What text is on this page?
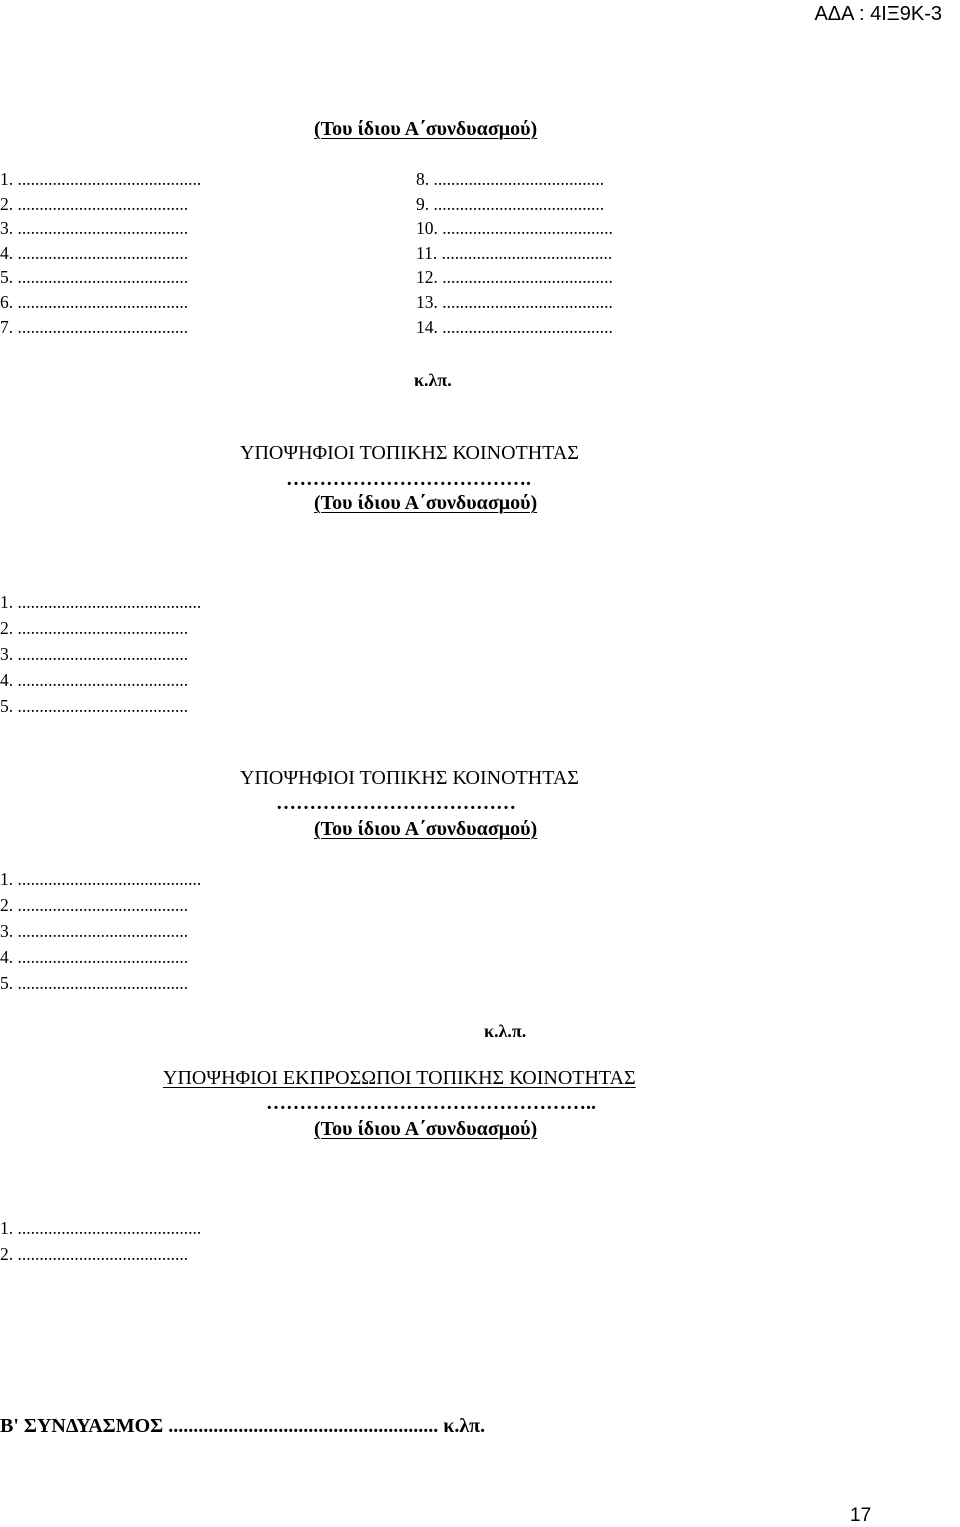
ΑΔΑ : 4ΙΞ9Κ-3
(Του ίδιου Α΄συνδυασμού)
1. ..........................................
2. .......................................
3. .......................................
4. .......................................
5. .......................................
6. .......................................
7. .......................................
8. .......................................
9. .......................................
10. .......................................
11. .......................................
12. .......................................
13. .......................................
14. .......................................
κ.λπ.
ΥΠΟΨΗΦΙΟΙ ΤΟΠΙΚΗΣ ΚΟΙΝΟΤΗΤΑΣ
……………………………….
(Του ίδιου Α΄συνδυασμού)
1. ..........................................
2. .......................................
3. .......................................
4. .......................................
5. .......................................
ΥΠΟΨΗΦΙΟΙ ΤΟΠΙΚΗΣ ΚΟΙΝΟΤΗΤΑΣ
………………………………
(Του ίδιου Α΄συνδυασμού)
1. ..........................................
2. .......................................
3. .......................................
4. .......................................
5. .......................................
κ.λ.π.
ΥΠΟΨΗΦΙΟΙ ΕΚΠΡΟΣΩΠΟΙ ΤΟΠΙΚΗΣ ΚΟΙΝΟΤΗΤΑΣ
…………………………………………..
(Του ίδιου Α΄συνδυασμού)
1. ..........................................
2. .......................................
Β' ΣΥΝΔΥΑΣΜΟΣ ...................................................... κ.λπ.
17
